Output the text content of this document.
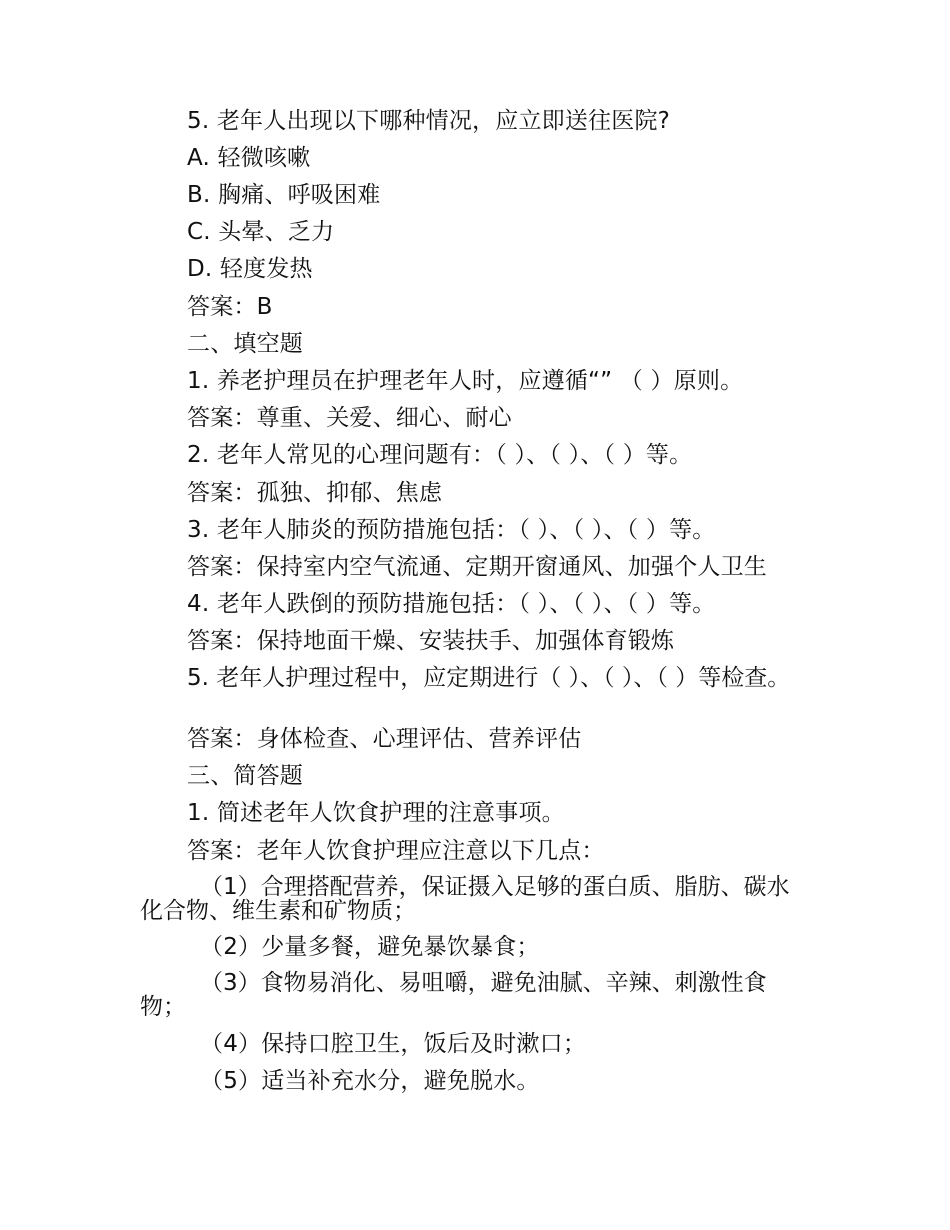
5. 老年人出现以下哪种情况，应立即送往医院?
A. 轻微咳嗽
B. 胸痛、呼吸困难
C. 头晕、乏力
D. 轻度发热
答案：B
二、填空题
1. 养老护理员在护理老年人时，应遵循“” （ ）原则。
答案：尊重、关爱、细心、耐心
2. 老年人常见的心理问题有：（ ）、（ ）、（ ）等。
答案：孤独、抑郁、焦虑
3. 老年人肺炎的预防措施包括：（ ）、（ ）、（ ）等。
答案：保持室内空气流通、定期开窗通风、加强个人卫生
4. 老年人跌倒的预防措施包括：（ ）、（ ）、（ ）等。
答案：保持地面干燥、安装扶手、加强体育锻炼
5. 老年人护理过程中，应定期进行（ ）、（ ）、（ ）等检查。
答案：身体检查、心理评估、营养评估
三、简答题
1. 简述老年人饮食护理的注意事项。
答案：老年人饮食护理应注意以下几点：
（1）合理搭配营养，保证摄入足够的蛋白质、脂肪、碳水化合物、维生素和矿物质；
（2）少量多餐，避免暴饮暴食；
（3）食物易消化、易咀嚼，避免油腻、辛辣、刺激性食物；
（4）保持口腔卫生，饭后及时漱口；
（5）适当补充水分，避免脱水。
